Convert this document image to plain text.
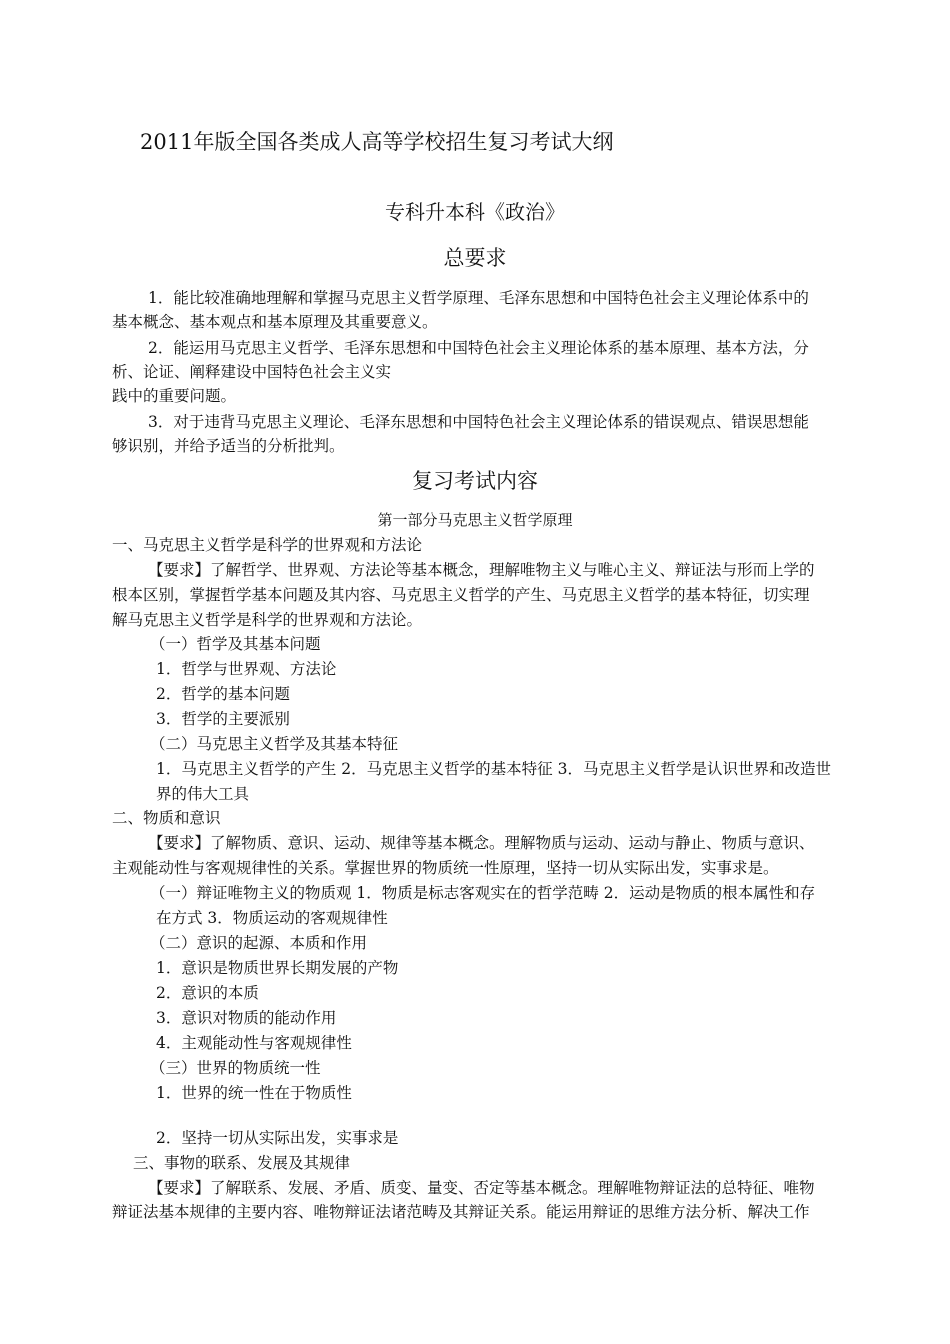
2011年版全国各类成人高等学校招生复习考试大纲
专科升本科《政治》
总要求
1．能比较准确地理解和掌握马克思主义哲学原理、毛泽东思想和中国特色社会主义理论体系中的
基本概念、基本观点和基本原理及其重要意义。
2．能运用马克思主义哲学、毛泽东思想和中国特色社会主义理论体系的基本原理、基本方法，分
析、论证、阐释建设中国特色社会主义实
践中的重要问题。
3．对于违背马克思主义理论、毛泽东思想和中国特色社会主义理论体系的错误观点、错误思想能
够识别，并给予适当的分析批判。
复习考试内容
第一部分马克思主义哲学原理
一、马克思主义哲学是科学的世界观和方法论
【要求】了解哲学、世界观、方法论等基本概念，理解唯物主义与唯心主义、辩证法与形而上学的
根本区别，掌握哲学基本问题及其内容、马克思主义哲学的产生、马克思主义哲学的基本特征，切实理
解马克思主义哲学是科学的世界观和方法论。
（一）哲学及其基本问题
1．哲学与世界观、方法论
2．哲学的基本问题
3．哲学的主要派别
（二）马克思主义哲学及其基本特征
1．马克思主义哲学的产生 2．马克思主义哲学的基本特征 3．马克思主义哲学是认识世界和改造世
界的伟大工具
二、物质和意识
【要求】了解物质、意识、运动、规律等基本概念。理解物质与运动、运动与静止、物质与意识、
主观能动性与客观规律性的关系。掌握世界的物质统一性原理，坚持一切从实际出发，实事求是。
（一）辩证唯物主义的物质观 1．物质是标志客观实在的哲学范畴 2．运动是物质的根本属性和存
在方式 3．物质运动的客观规律性
（二）意识的起源、本质和作用
1．意识是物质世界长期发展的产物
2．意识的本质
3．意识对物质的能动作用
4．主观能动性与客观规律性
（三）世界的物质统一性
1．世界的统一性在于物质性
2．坚持一切从实际出发，实事求是
三、事物的联系、发展及其规律
【要求】了解联系、发展、矛盾、质变、量变、否定等基本概念。理解唯物辩证法的总特征、唯物
辩证法基本规律的主要内容、唯物辩证法诸范畴及其辩证关系。能运用辩证的思维方法分析、解决工作
